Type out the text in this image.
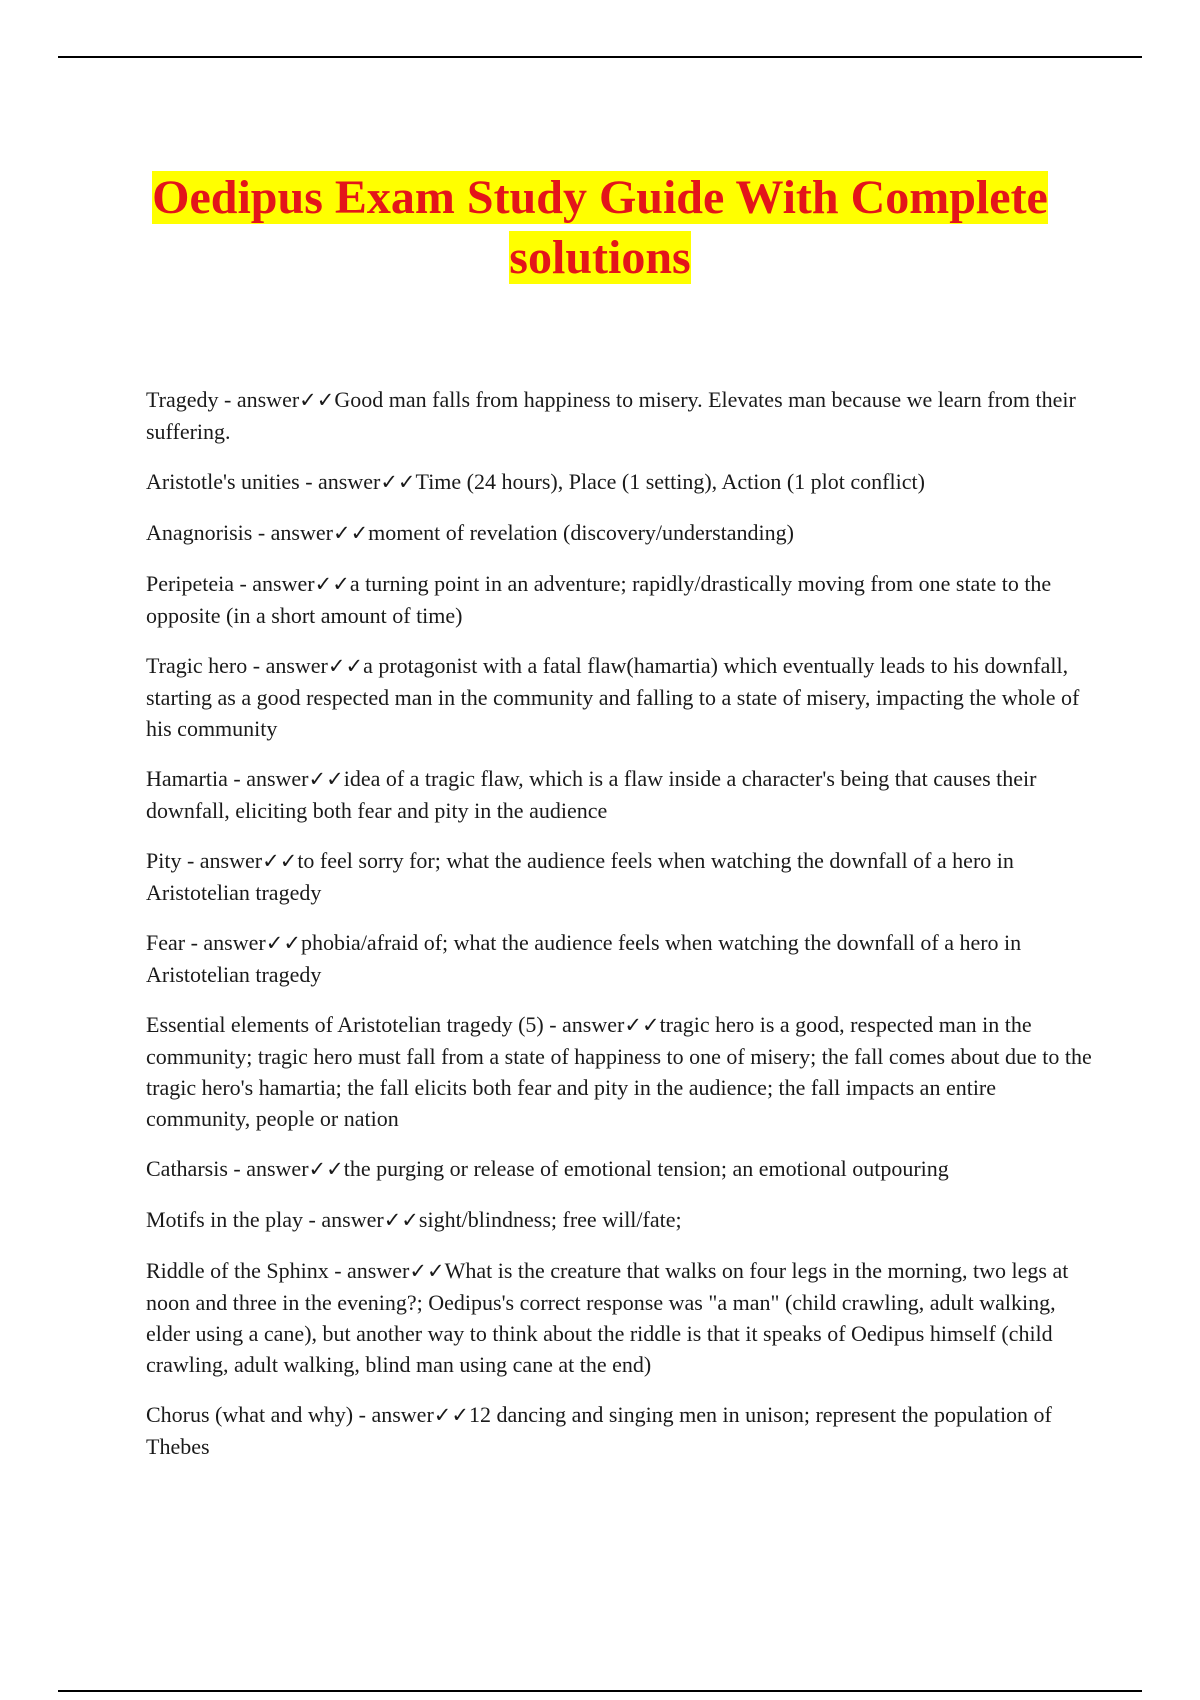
Oedipus Exam Study Guide With Complete solutions

Tragedy - answer✓✓Good man falls from happiness to misery. Elevates man because we learn from their suffering.

Aristotle's unities - answer✓✓Time (24 hours), Place (1 setting), Action (1 plot conflict)

Anagnorisis - answer✓✓moment of revelation (discovery/understanding)

Peripeteia - answer✓✓a turning point in an adventure; rapidly/drastically moving from one state to the opposite (in a short amount of time)

Tragic hero - answer✓✓a protagonist with a fatal flaw(hamartia) which eventually leads to his downfall, starting as a good respected man in the community and falling to a state of misery, impacting the whole of his community

Hamartia - answer✓✓idea of a tragic flaw, which is a flaw inside a character's being that causes their downfall, eliciting both fear and pity in the audience

Pity - answer✓✓to feel sorry for; what the audience feels when watching the downfall of a hero in Aristotelian tragedy

Fear - answer✓✓phobia/afraid of; what the audience feels when watching the downfall of a hero in Aristotelian tragedy

Essential elements of Aristotelian tragedy (5) - answer✓✓tragic hero is a good, respected man in the community; tragic hero must fall from a state of happiness to one of misery; the fall comes about due to the tragic hero's hamartia; the fall elicits both fear and pity in the audience; the fall impacts an entire community, people or nation

Catharsis - answer✓✓the purging or release of emotional tension; an emotional outpouring

Motifs in the play - answer✓✓sight/blindness; free will/fate;

Riddle of the Sphinx - answer✓✓What is the creature that walks on four legs in the morning, two legs at noon and three in the evening?; Oedipus's correct response was "a man" (child crawling, adult walking, elder using a cane), but another way to think about the riddle is that it speaks of Oedipus himself (child crawling, adult walking, blind man using cane at the end)

Chorus (what and why) - answer✓✓12 dancing and singing men in unison; represent the population of Thebes
